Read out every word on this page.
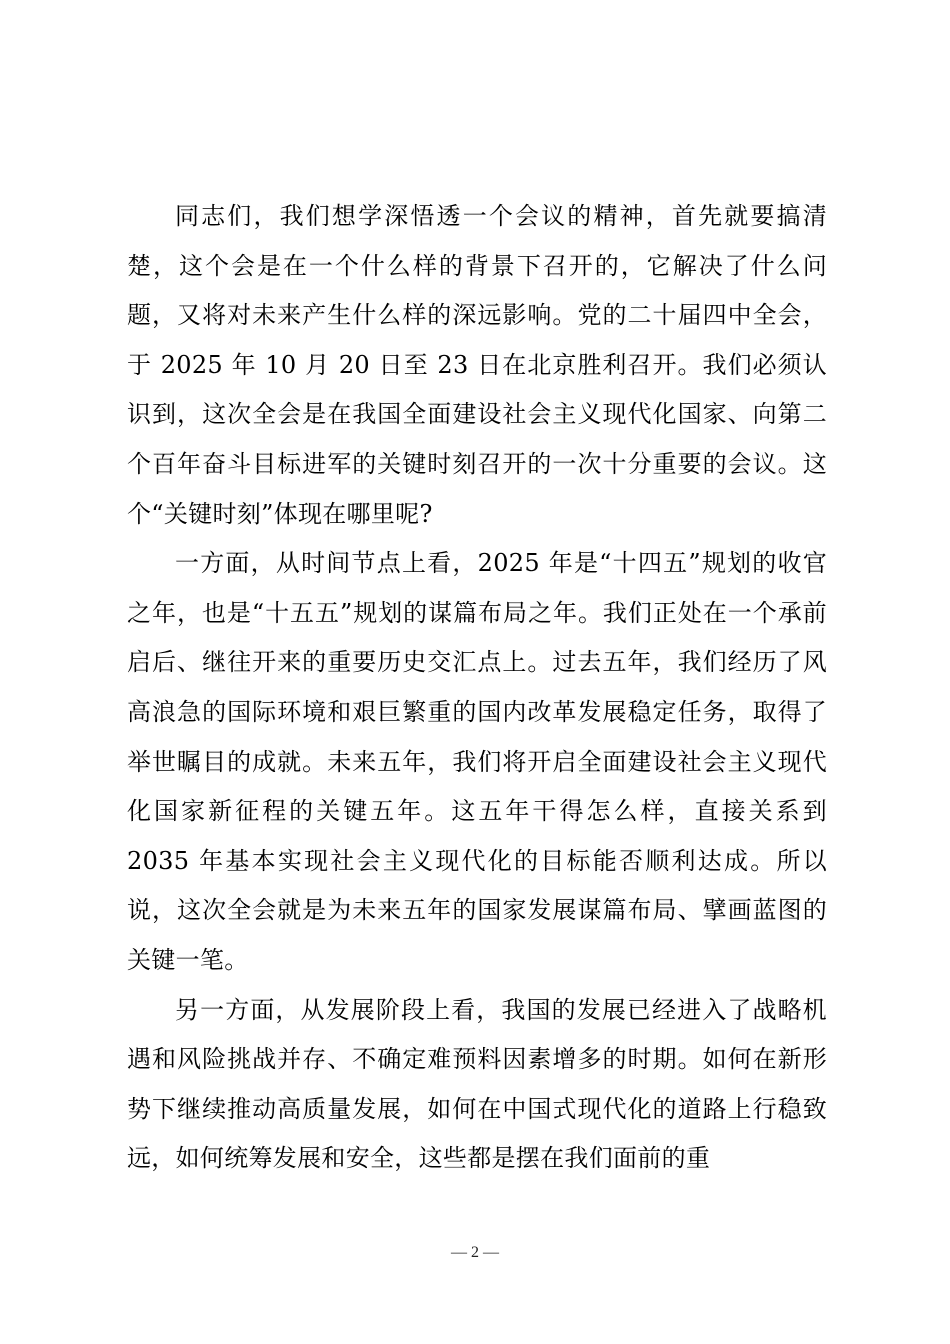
同志们，我们想学深悟透一个会议的精神，首先就要搞清楚，这个会是在一个什么样的背景下召开的，它解决了什么问题，又将对未来产生什么样的深远影响。党的二十届四中全会，于 2025 年 10 月 20 日至 23 日在北京胜利召开。我们必须认识到，这次全会是在我国全面建设社会主义现代化国家、向第二个百年奋斗目标进军的关键时刻召开的一次十分重要的会议。这个“关键时刻”体现在哪里呢?

一方面，从时间节点上看，2025 年是“十四五”规划的收官之年，也是“十五五”规划的谋篇布局之年。我们正处在一个承前启后、继往开来的重要历史交汇点上。过去五年，我们经历了风高浪急的国际环境和艰巨繁重的国内改革发展稳定任务，取得了举世瞩目的成就。未来五年，我们将开启全面建设社会主义现代化国家新征程的关键五年。这五年干得怎么样，直接关系到 2035 年基本实现社会主义现代化的目标能否顺利达成。所以说，这次全会就是为未来五年的国家发展谋篇布局、擘画蓝图的关键一笔。

另一方面，从发展阶段上看，我国的发展已经进入了战略机遇和风险挑战并存、不确定难预料因素增多的时期。如何在新形势下继续推动高质量发展，如何在中国式现代化的道路上行稳致远，如何统筹发展和安全，这些都是摆在我们面前的重

— 2 —
